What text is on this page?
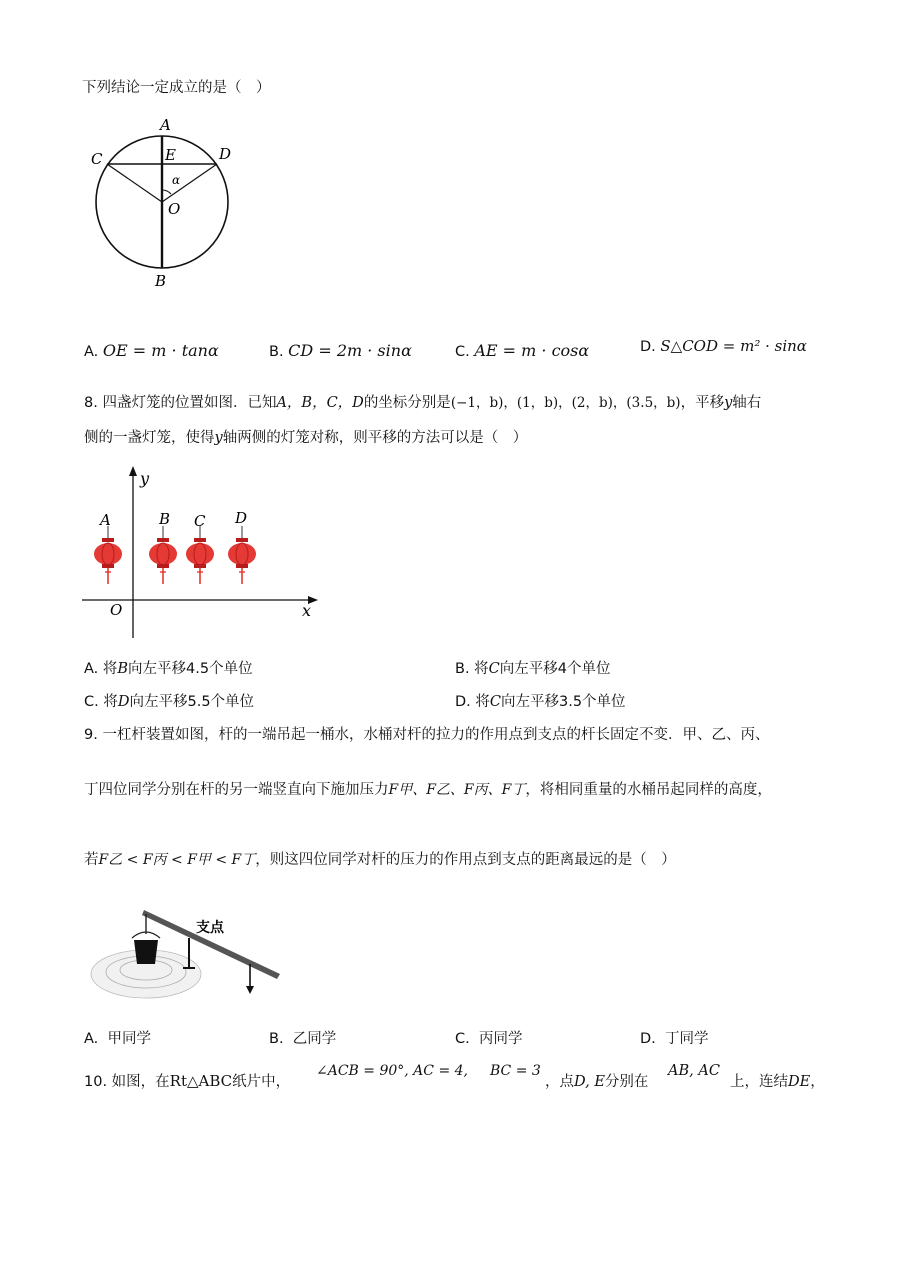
下列结论一定成立的是（　）
A
B
C	D
E
O
α
A. OE = m · tanα	B. CD = 2m · sinα	C. AE = m · cosα	D. S△COD = m² · sinα
8. 四盏灯笼的位置如图．已知A，B，C，D的坐标分别是(−1，b)，(1，b)，(2，b)，(3.5，b)，平移y轴右
侧的一盏灯笼，使得y轴两侧的灯笼对称，则平移的方法可以是（　）
x
y
O
A	B C D
A. 将B向左平移4.5个单位	B. 将C向左平移4个单位
C. 将D向左平移5.5个单位	D. 将C向左平移3.5个单位
9. 一杠杆装置如图，杆的一端吊起一桶水，水桶对杆的拉力的作用点到支点的杆长固定不变．甲、乙、丙、
丁四位同学分别在杆的另一端竖直向下施加压力F甲、F乙、F丙、F丁，将相同重量的水桶吊起同样的高度，
若F乙 < F丙 < F甲 < F丁，则这四位同学对杆的压力的作用点到支点的距离最远的是（　）
支点
A. 甲同学	B. 乙同学	C. 丙同学	D. 丁同学
10. 如图，在Rt△ABC纸片中，
∠ACB = 90°, AC = 4, BC = 3
，点D, E分别在
AB, AC
上，连结DE，
